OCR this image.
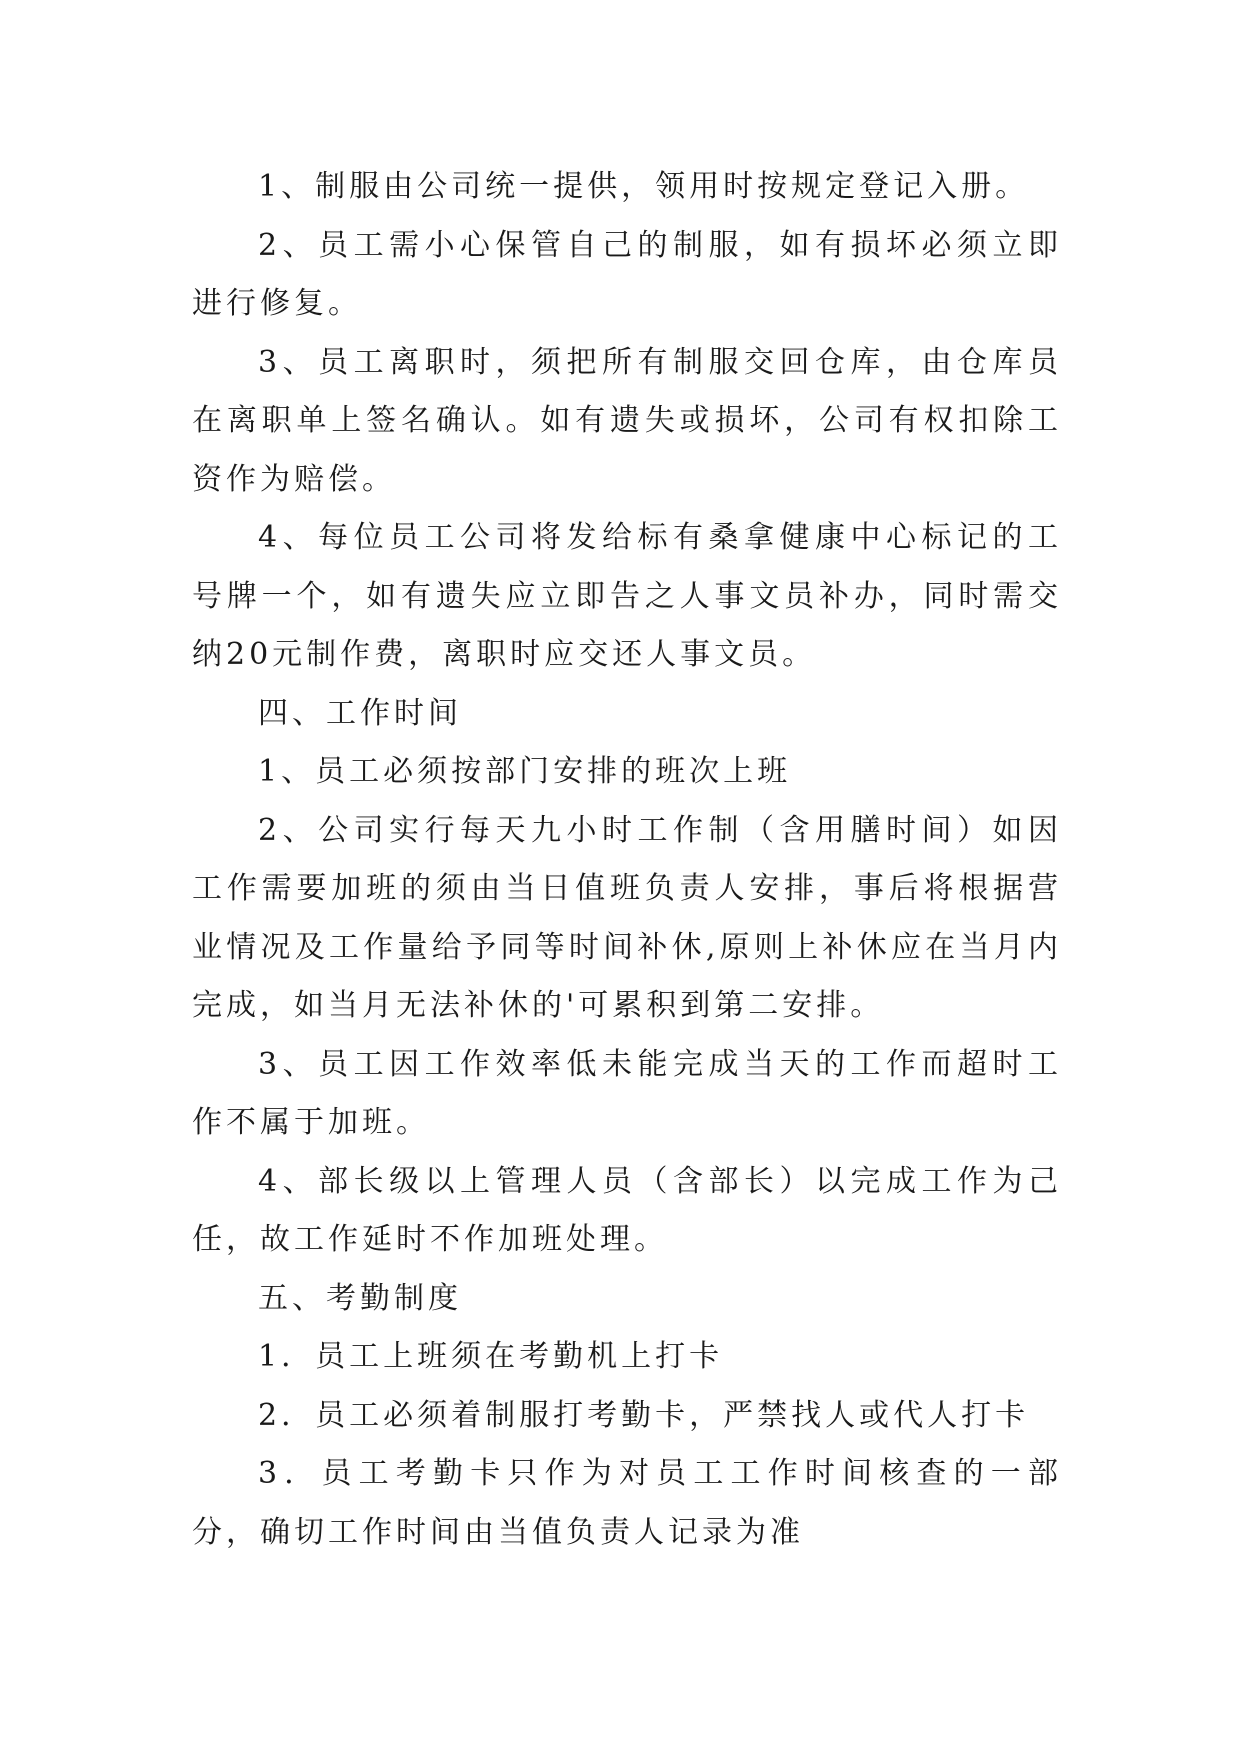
1、制服由公司统一提供，领用时按规定登记入册。

2、员工需小心保管自己的制服，如有损坏必须立即进行修复。

3、员工离职时，须把所有制服交回仓库，由仓库员在离职单上签名确认。如有遗失或损坏，公司有权扣除工资作为赔偿。

4、每位员工公司将发给标有桑拿健康中心标记的工号牌一个，如有遗失应立即告之人事文员补办，同时需交纳20元制作费，离职时应交还人事文员。

四、工作时间

1、员工必须按部门安排的班次上班

2、公司实行每天九小时工作制（含用膳时间）如因工作需要加班的须由当日值班负责人安排，事后将根据营业情况及工作量给予同等时间补休,原则上补休应在当月内完成，如当月无法补休的'可累积到第二安排。

3、员工因工作效率低未能完成当天的工作而超时工作不属于加班。

4、部长级以上管理人员（含部长）以完成工作为己任，故工作延时不作加班处理。

五、考勤制度

1．员工上班须在考勤机上打卡

2．员工必须着制服打考勤卡，严禁找人或代人打卡

3．员工考勤卡只作为对员工工作时间核查的一部分，确切工作时间由当值负责人记录为准
